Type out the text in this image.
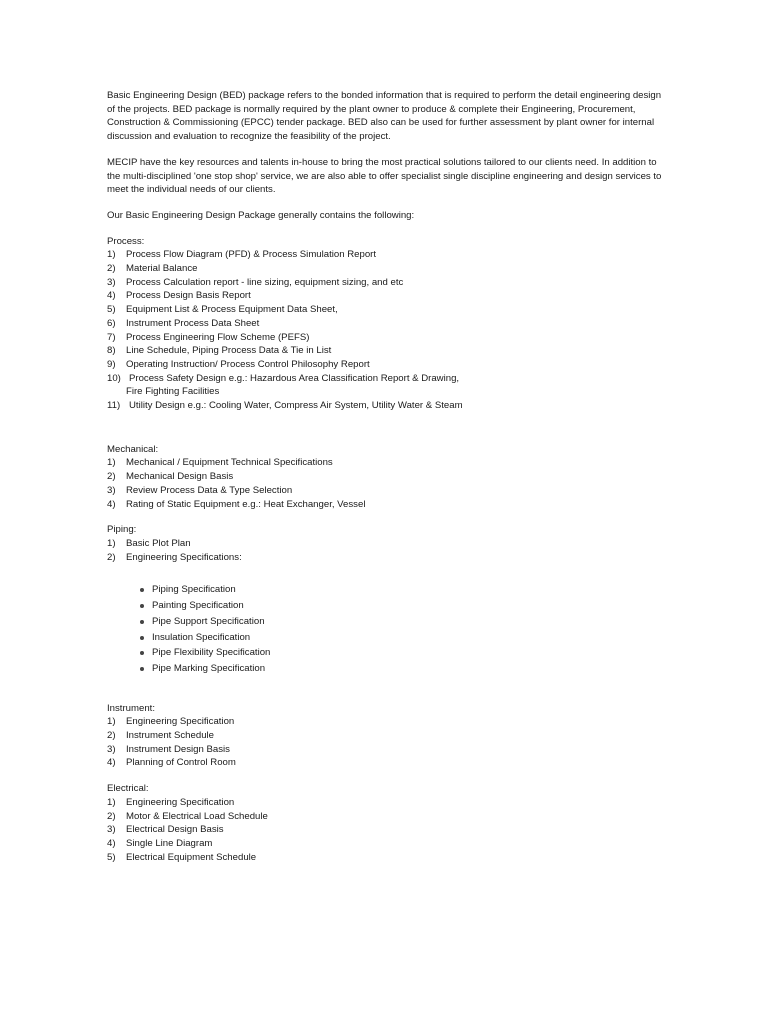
Basic Engineering Design (BED) package refers to the bonded information that is required to perform the detail engineering design of the projects. BED package is normally required by the plant owner to produce & complete their Engineering, Procurement, Construction & Commissioning (EPCC) tender package. BED also can be used for further assessment by plant owner for internal discussion and evaluation to recognize the feasibility of the project.

MECIP have the key resources and talents in-house to bring the most practical solutions tailored to our clients need. In addition to the multi-disciplined 'one stop shop' service, we are also able to offer specialist single discipline engineering and design services to meet the individual needs of our clients.

Our Basic Engineering Design Package generally contains the following:

Process:
1) Process Flow Diagram (PFD) & Process Simulation Report
2) Material Balance
3) Process Calculation report - line sizing, equipment sizing, and etc
4) Process Design Basis Report
5) Equipment List & Process Equipment Data Sheet,
6) Instrument Process Data Sheet
7) Process Engineering Flow Scheme (PEFS)
8) Line Schedule, Piping Process Data & Tie in List
9) Operating Instruction/ Process Control Philosophy Report
10) Process Safety Design e.g.: Hazardous Area Classification Report & Drawing,
Fire Fighting Facilities
11) Utility Design e.g.: Cooling Water, Compress Air System, Utility Water & Steam
Mechanical:
1) Mechanical / Equipment Technical Specifications
2) Mechanical Design Basis
3) Review Process Data & Type Selection
4) Rating of Static Equipment e.g.: Heat Exchanger, Vessel
Piping:
1) Basic Plot Plan
2) Engineering Specifications:
Piping Specification
Painting Specification
Pipe Support Specification
Insulation Specification
Pipe Flexibility Specification
Pipe Marking Specification
Instrument:
1) Engineering Specification
2) Instrument Schedule
3) Instrument Design Basis
4) Planning of Control Room
Electrical:
1) Engineering Specification
2) Motor & Electrical Load Schedule
3) Electrical Design Basis
4) Single Line Diagram
5) Electrical Equipment Schedule
